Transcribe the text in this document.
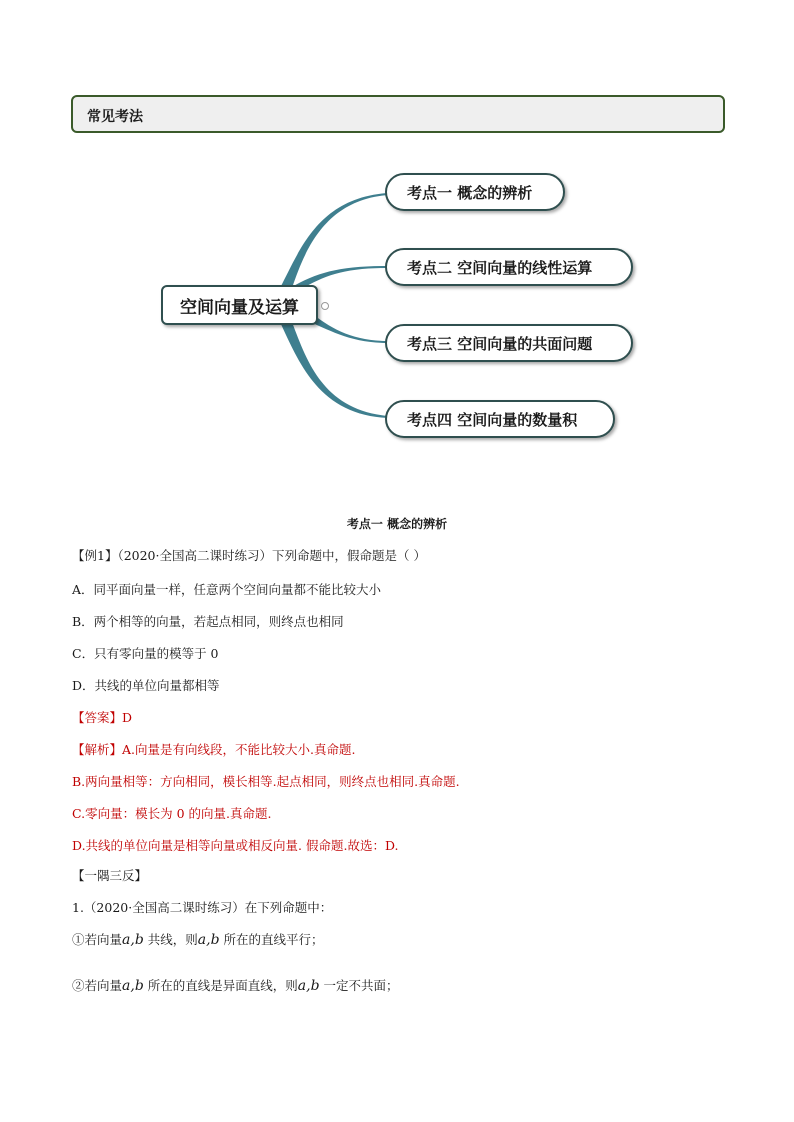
常见考法
空间向量及运算
考点一 概念的辨析
考点二 空间向量的线性运算
考点三 空间向量的共面问题
考点四 空间向量的数量积
考点一 概念的辨析
【例1】（2020·全国高二课时练习）下列命题中，假命题是（ ）
A．同平面向量一样，任意两个空间向量都不能比较大小
B．两个相等的向量，若起点相同，则终点也相同
C．只有零向量的模等于 0
D．共线的单位向量都相等
【答案】D
【解析】A.向量是有向线段，不能比较大小.真命题.
B.两向量相等：方向相同，模长相等.起点相同，则终点也相同.真命题.
C.零向量：模长为 0 的向量.真命题.
D.共线的单位向量是相等向量或相反向量. 假命题.故选：D.
【一隅三反】
1.（2020·全国高二课时练习）在下列命题中：
①若向量a,b 共线，则a,b 所在的直线平行；
②若向量a,b 所在的直线是异面直线，则a,b 一定不共面；
